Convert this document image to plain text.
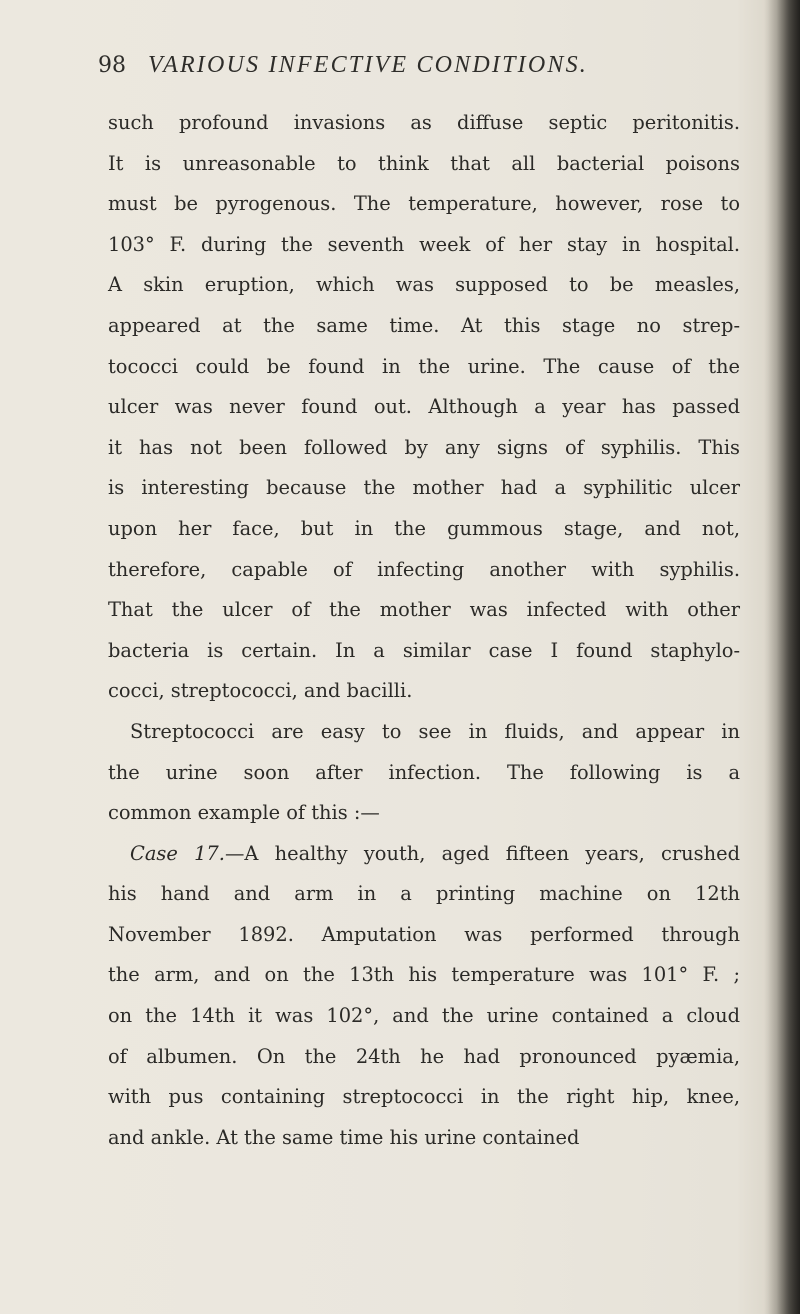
98 VARIOUS INFECTIVE CONDITIONS.
such profound invasions as diffuse septic peritonitis.
It is unreasonable to think that all bacterial poisons
must be pyrogenous. The temperature, however, rose to
103° F. during the seventh week of her stay in hospital.
A skin eruption, which was supposed to be measles,
appeared at the same time. At this stage no strep-
tococci could be found in the urine. The cause of the
ulcer was never found out. Although a year has passed
it has not been followed by any signs of syphilis. This
is interesting because the mother had a syphilitic ulcer
upon her face, but in the gummous stage, and not,
therefore, capable of infecting another with syphilis.
That the ulcer of the mother was infected with other
bacteria is certain. In a similar case I found staphylo-
cocci, streptococci, and bacilli.
Streptococci are easy to see in fluids, and appear in
the urine soon after infection. The following is a
common example of this :—
Case 17.—A healthy youth, aged fifteen years, crushed
his hand and arm in a printing machine on 12th
November 1892. Amputation was performed through
the arm, and on the 13th his temperature was 101° F. ;
on the 14th it was 102°, and the urine contained a cloud
of albumen. On the 24th he had pronounced pyæmia,
with pus containing streptococci in the right hip, knee,
and ankle. At the same time his urine contained
